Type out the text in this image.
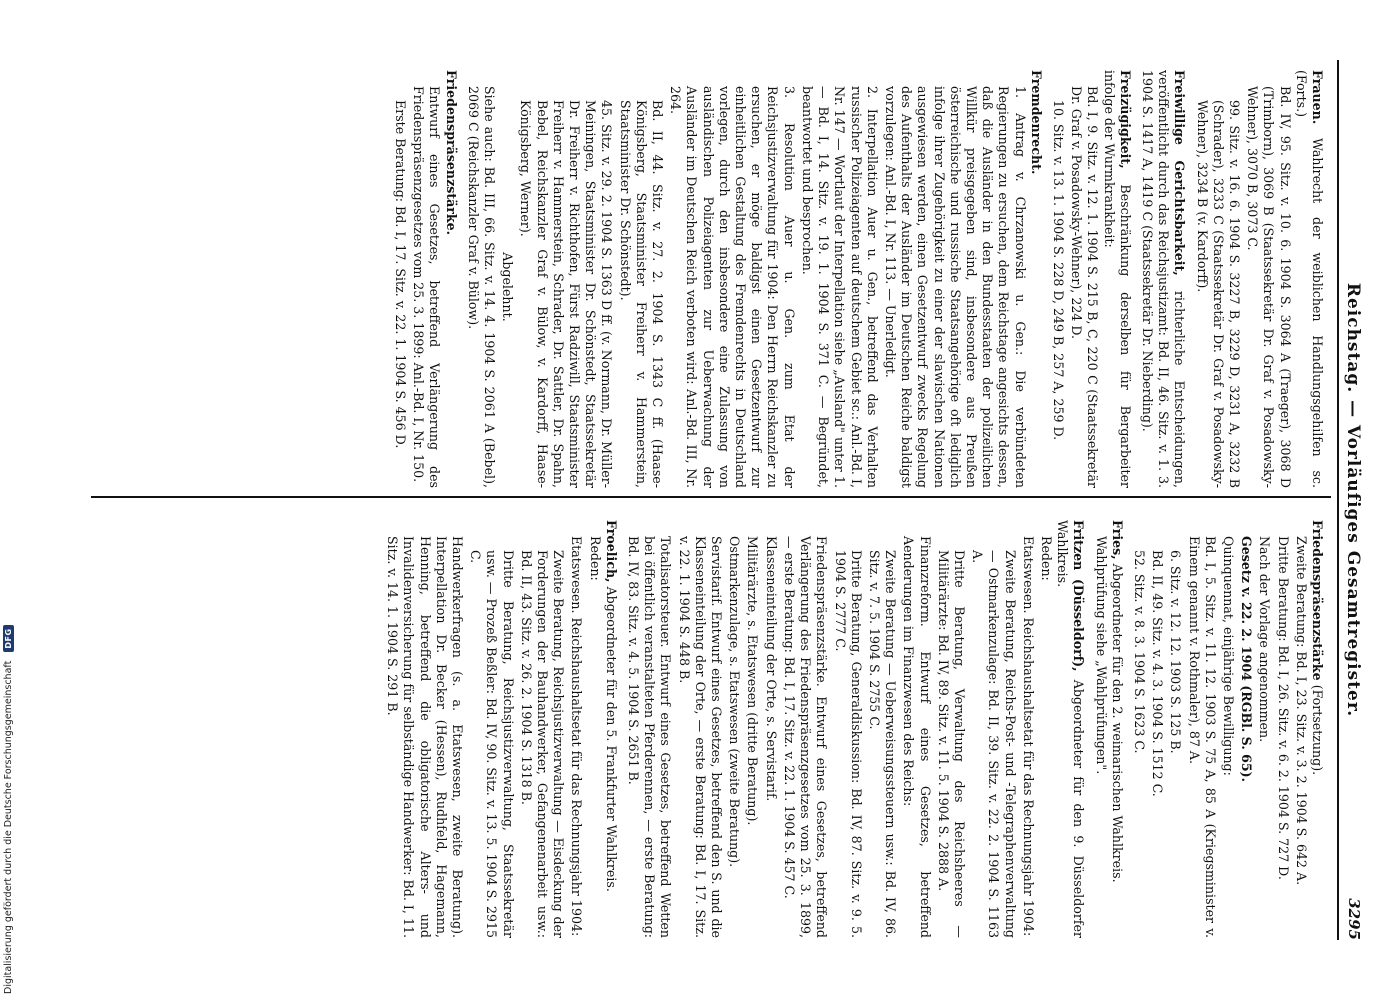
Reichstag. — Vorläufiges Gesamtregister.
3295
Frauen. Wahlrecht der weiblichen Handlungsgehilfen sc. (Forts.)
Bd. IV, 95. Sitz. v. 10. 6. 1904 S. 3064 A (Traeger), 3068 D (Trimborn), 3069 B (Staatssekretär Dr. Graf v. Posadowsky-Wehner), 3070 B, 3073 C.
99. Sitz. v. 16. 6. 1904 S. 3227 B, 3229 D, 3231 A, 3232 B (Schrader), 3233 C (Staatssekretär Dr. Graf v. Posadowsky-Wehner), 3234 B (v. Kardorff).
Freiwillige Gerichtsbarkeit, richterliche Entscheidungen, veröffentlicht durch das Reichsjustizamt: Bd. II, 46. Sitz. v. 1. 3. 1904 S. 1417 A, 1419 C (Staatssekretär Dr. Nieberding).
Freizügigkeit, Beschränkung derselben für Bergarbeiter infolge der Wurmkrankheit:
Bd. I, 9. Sitz. v. 12. 1. 1904 S. 215 B, C, 220 C (Staatssekretär Dr. Graf v. Posadowsky-Wehner), 224 D.
10. Sitz. v. 13. 1. 1904 S. 228 D, 249 B, 257 A, 259 D.
Fremdenrecht.
1. Antrag v. Chrzanowski u. Gen.: Die verbündeten Regierungen zu ersuchen, dem Reichstage angesichts dessen, daß die Ausländer in den Bundesstaaten der polizeilichen Willkür preisgegeben sind, insbesondere aus Preußen österreichische und russische Staatsangehörige oft lediglich infolge ihrer Zugehörigkeit zu einer der slawischen Nationen ausgewiesen werden, einen Gesetzentwurf zwecks Regelung des Aufenthalts der Ausländer im Deutschen Reiche baldigst vorzulegen: Anl.-Bd. I, Nr. 113. — Unerledigt.
2. Interpellation Auer u. Gen., betreffend das Verhalten russischer Polizeiagenten auf deutschem Gebiet sc.: Anl.-Bd. I, Nr. 147 — Wortlaut der Interpellation siehe „Ausland" unter 1. — Bd. I, 14. Sitz. v. 19. 1. 1904 S. 371 C. — Begründet, beantwortet und besprochen.
3. Resolution Auer u. Gen. zum Etat der Reichsjustizverwaltung für 1904: Den Herrn Reichskanzler zu ersuchen, er möge baldigst einen Gesetzentwurf zur einheitlichen Gestaltung des Fremdenrechts in Deutschland vorlegen, durch den insbesondere eine Zulassung von ausländischen Polizeiagenten zur Ueberwachung der Ausländer im Deutschen Reich verboten wird: Anl.-Bd. III, Nr. 264.
Bd. II, 44. Sitz. v. 27. 2. 1904 S. 1343 C ff. (Haase-Königsberg, Staatsminister Freiherr v. Hammerstein, Staatsminister Dr. Schönstedt).
45. Sitz. v. 29. 2. 1904 S. 1363 D ff. (v. Normann, Dr. Müller-Meiningen, Staatsminister Dr. Schönstedt, Staatssekretär Dr. Freiherr v. Richthofen, Fürst Radziwill, Staatsminister Freiherr v. Hammerstein, Schrader, Dr. Sattler, Dr. Spahn, Bebel, Reichskanzler Graf v. Bülow, v. Kardorff, Haase-Königsberg, Werner).
Abgelehnt.
Siehe auch: Bd. III, 66. Sitz. v. 14. 4. 1904 S. 2061 A (Bebel), 2069 C (Reichskanzler Graf v. Bülow).
Friedenspräsenzstärke.
Entwurf eines Gesetzes, betreffend Verlängerung des Friedenspräsenzgesetzes vom 25. 3. 1899: Anl.-Bd. I, Nr. 150.
Erste Beratung: Bd. I, 17. Sitz. v. 22. 1. 1904 S. 456 D.
Friedenspräsenzstärke (Fortsetzung).
Zweite Beratung: Bd. I, 23. Sitz. v. 3. 2. 1904 S. 642 A.
Dritte Beratung: Bd. I, 26. Sitz. v. 6. 2. 1904 S. 727 D.
Nach der Vorlage angenommen.
Gesetz v. 22. 2. 1904 (RGBl. S. 65).
Quinquennat, einjährige Bewilligung:
Bd. I, 5. Sitz. v. 11. 12. 1903 S. 75 A, 85 A (Kriegsminister v. Einem genannt v. Rothmaler), 87 A.
6. Sitz. v. 12. 12. 1903 S. 125 B.
Bd. II, 49. Sitz. v. 4. 3. 1904 S. 1512 C.
52. Sitz. v. 8. 3. 1904 S. 1623 C.
Fries, Abgeordneter für den 2. weimarischen Wahlkreis.
Wahlprüfung siehe „Wahlprüfungen".
Fritzen (Düsseldorf), Abgeordneter für den 9. Düsseldorfer Wahlkreis.
Reden:
Etatswesen. Reichshaushaltsetat für das Rechnungsjahr 1904:
Zweite Beratung, Reichs-Post- und -Telegraphenverwaltung — Ostmarkenzulage: Bd. II, 39. Sitz. v. 22. 2. 1904 S. 1163 A.
Dritte Beratung, Verwaltung des Reichsheeres — Militärärzte: Bd. IV, 89. Sitz. v. 11. 5. 1904 S. 2888 A.
Finanzreform. Entwurf eines Gesetzes, betreffend Aenderungen im Finanzwesen des Reichs:
Zweite Beratung — Ueberweisungssteuern usw.: Bd. IV, 86. Sitz. v. 7. 5. 1904 S. 2755 C.
Dritte Beratung, Generaldiskussion: Bd. IV, 87. Sitz. v. 9. 5. 1904 S. 2777 C.
Friedenspräsenzstärke. Entwurf eines Gesetzes, betreffend Verlängerung des Friedenspräsenzgesetzes vom 25. 3. 1899, — erste Beratung: Bd. I, 17. Sitz. v. 22. 1. 1904 S. 457 C.
Klasseneinteilung der Orte, s. Servistarif.
Militärärzte, s. Etatswesen (dritte Beratung).
Ostmarkenzulage, s. Etatswesen (zweite Beratung).
Servistarif. Entwurf eines Gesetzes, betreffend den S. und die Klasseneinteilung der Orte, — erste Beratung: Bd. I, 17. Sitz. v. 22. 1. 1904 S. 448 B.
Totalisatorsteuer. Entwurf eines Gesetzes, betreffend Wetten bei öffentlich veranstalteten Pferderennen, — erste Beratung: Bd. IV, 83. Sitz. v. 4. 5. 1904 S. 2651 B.
Froelich, Abgeordneter für den 5. Frankfurter Wahlkreis.
Reden:
Etatswesen. Reichshaushaltsetat für das Rechnungsjahr 1904:
Zweite Beratung, Reichsjustizverwaltung — Eisdeckung der Forderungen der Bauhandwerker, Gefangenenarbeit usw.: Bd. II, 43. Sitz. v. 26. 2. 1904 S. 1318 B.
Dritte Beratung, Reichsjustizverwaltung, Staatssekretär usw. — Prozeß Beßler: Bd. IV, 90. Sitz. v. 13. 5. 1904 S. 2915 C.
Handwerkerfragen (s. a. Etatswesen, zweite Beratung). Interpellation Dr. Becker (Hessen), Rudhfeld, Hagemann, Henning, betreffend die obligatorische Alters- und Invalidenversicherung für selbständige Handwerker: Bd. I, 11. Sitz. v. 14. 1. 1904 S. 291 B.
Digitalisierung gefördert durch die Deutsche Forschungsgemeinschaft DFG
